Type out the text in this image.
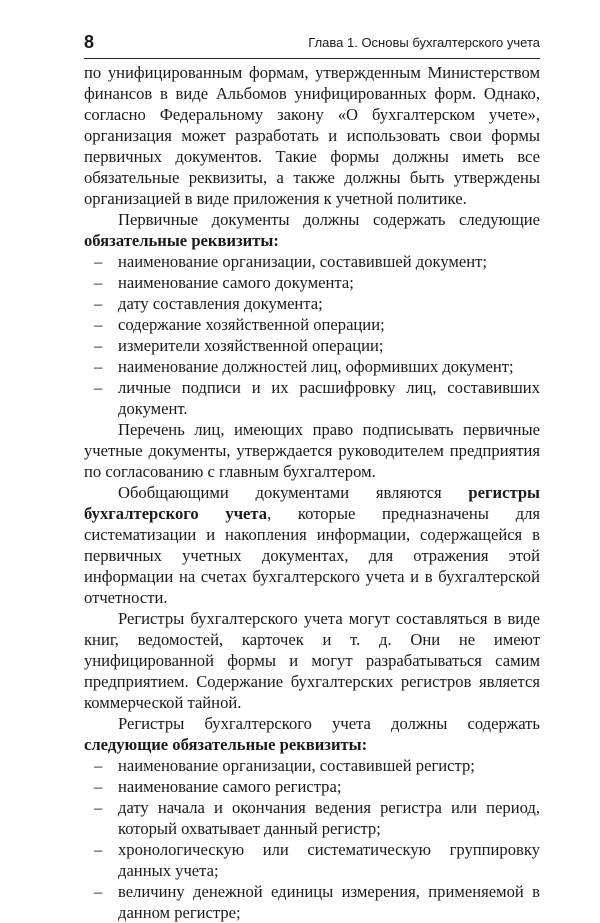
8	Глава 1. Основы бухгалтерского учета

по унифицированным формам, утвержденным Министерством финансов в виде Альбомов унифицированных форм. Однако, согласно Федеральному закону «О бухгалтерском учете», организация может разработать и использовать свои формы первичных документов. Такие формы должны иметь все обязательные реквизиты, а также должны быть утверждены организацией в виде приложения к учетной политике.

Первичные документы должны содержать следующие обязательные реквизиты:

– наименование организации, составившей документ;
– наименование самого документа;
– дату составления документа;
– содержание хозяйственной операции;
– измерители хозяйственной операции;
– наименование должностей лиц, оформивших документ;
– личные подписи и их расшифровку лиц, составивших документ.

Перечень лиц, имеющих право подписывать первичные учетные документы, утверждается руководителем предприятия по согласованию с главным бухгалтером.

Обобщающими документами являются регистры бухгалтерского учета, которые предназначены для систематизации и накопления информации, содержащейся в первичных учетных документах, для отражения этой информации на счетах бухгалтерского учета и в бухгалтерской отчетности.

Регистры бухгалтерского учета могут составляться в виде книг, ведомостей, карточек и т. д. Они не имеют унифицированной формы и могут разрабатываться самим предприятием. Содержание бухгалтерских регистров является коммерческой тайной.

Регистры бухгалтерского учета должны содержать следующие обязательные реквизиты:

– наименование организации, составившей регистр;
– наименование самого регистра;
– дату начала и окончания ведения регистра или период, который охватывает данный регистр;
– хронологическую или систематическую группировку данных учета;
– величину денежной единицы измерения, применяемой в данном регистре;
